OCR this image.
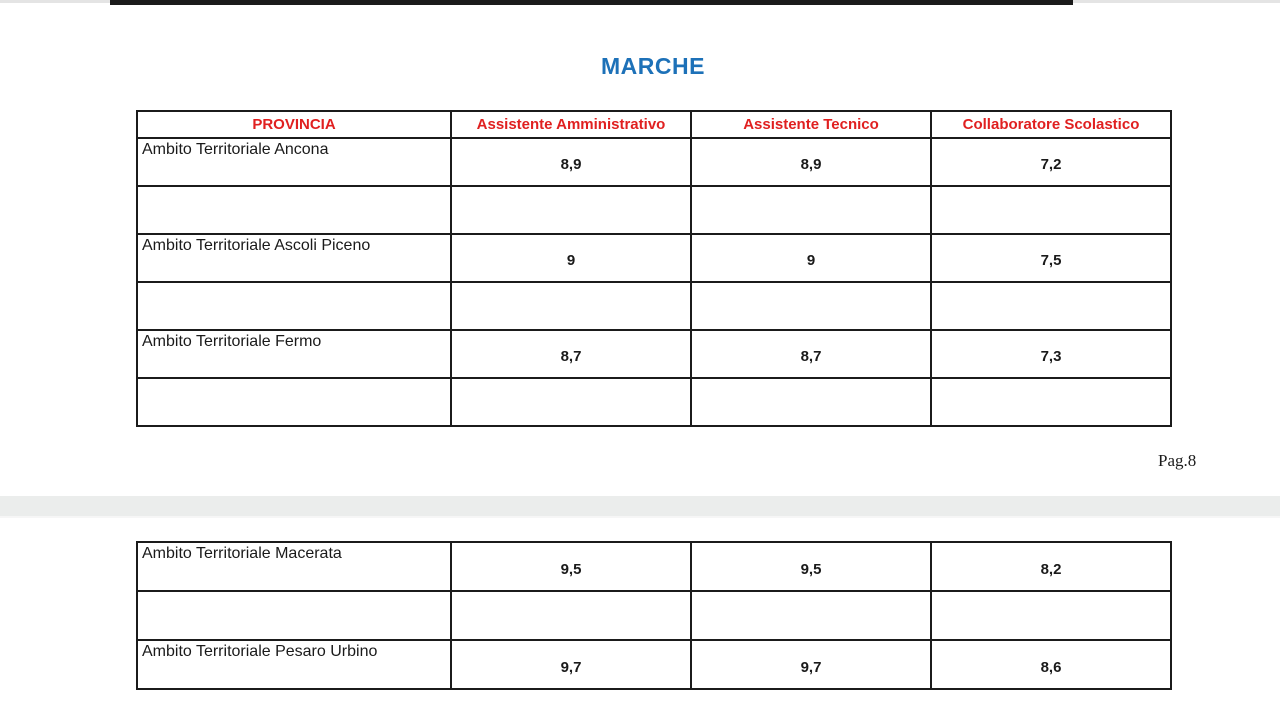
MARCHE
PROVINCIA	Assistente Amministrativo	Assistente Tecnico	Collaboratore Scolastico
Ambito Territoriale Ancona	8,9	8,9	7,2

Ambito Territoriale Ascoli Piceno	9	9	7,5

Ambito Territoriale Fermo	8,7	8,7	7,3

Pag.8
Ambito Territoriale Macerata	9,5	9,5	8,2

Ambito Territoriale Pesaro Urbino	9,7	9,7	8,6
